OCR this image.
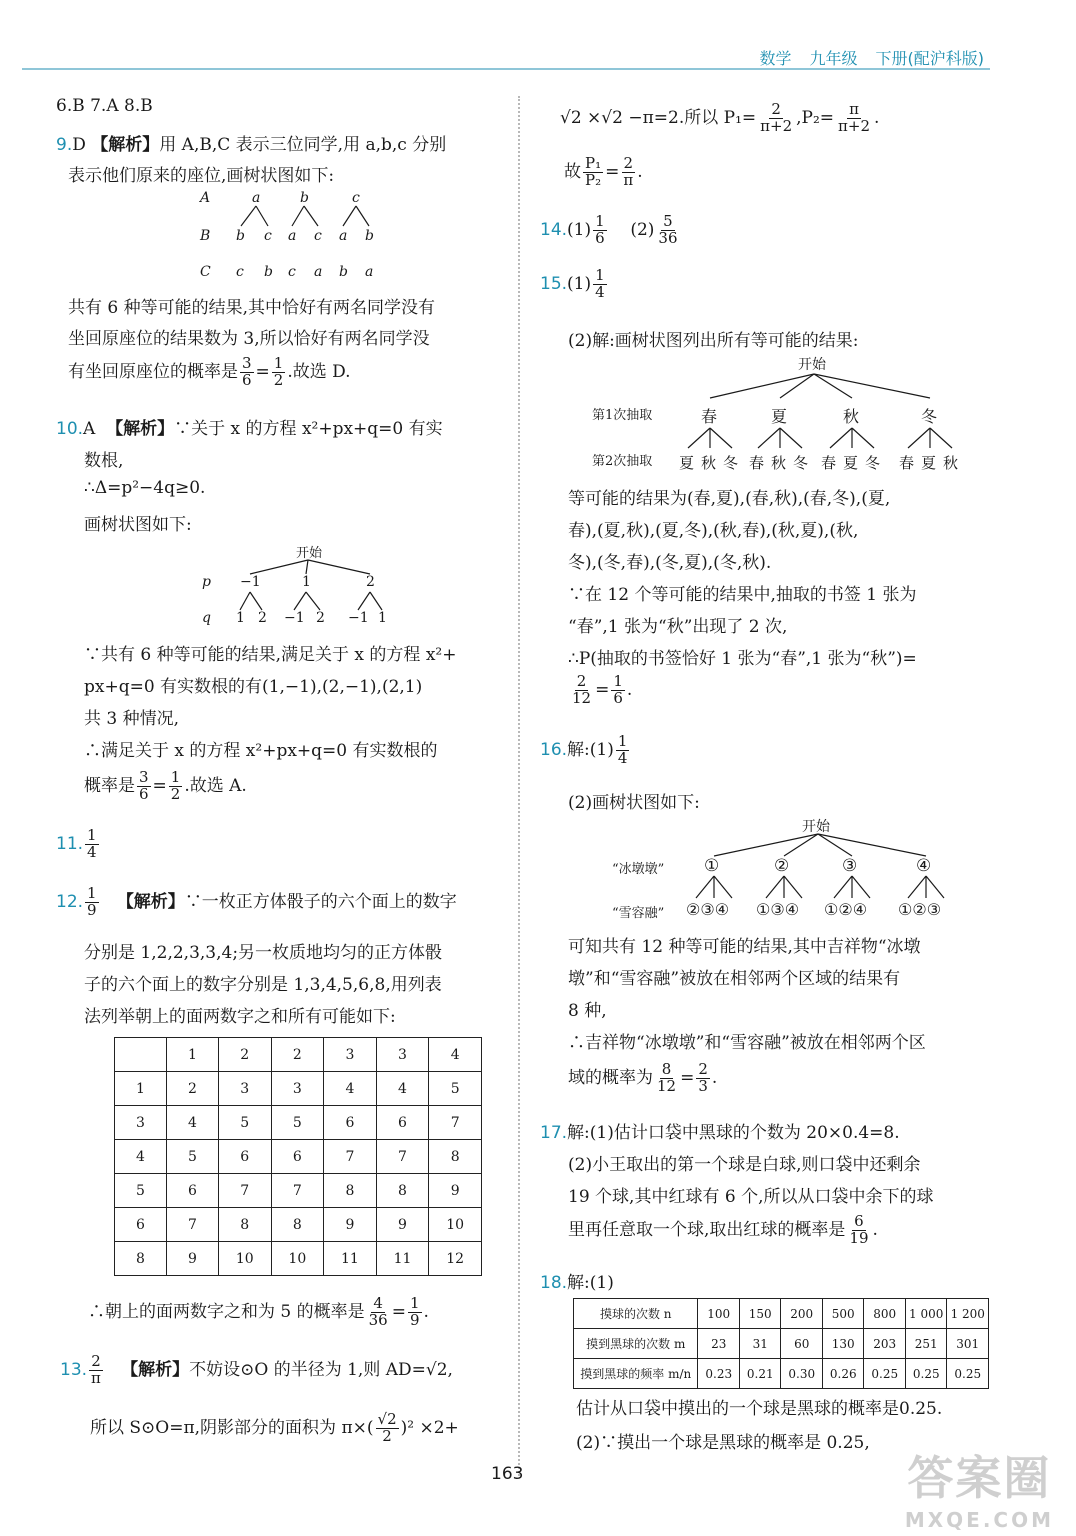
数学 九年级 下册(配沪科版)
6.B 7.A 8.B
9.D 【解析】用 A,B,C 表示三位同学,用 a,b,c 分别
表示他们原来的座位,画树状图如下:
A
B
C
a	b	c
b c a c a b
c b c a b a
共有 6 种等可能的结果,其中恰好有两名同学没有
坐回原座位的结果数为 3,所以恰好有两名同学没
有坐回原座位的概率是 $\frac{3}{6} = \frac{1}{2}$ .故选 D.
10.A 【解析】∵关于 x 的方程 x²+px+q=0 有实
数根,
∴Δ=p²−4q≥0.
画树状图如下:
开始
p
q
−1	1	2
1 2 −1 2 −1 1
∵共有 6 种等可能的结果,满足关于 x 的方程 x²+
px+q=0 有实数根的有(1,−1),(2,−1),(2,1)
共 3 种情况,
∴满足关于 x 的方程 x²+px+q=0 有实数根的
概率是 $\frac{3}{6} = \frac{1}{2}$ .故选 A.
11. $\frac{1}{4}$
12. $\frac{1}{9}$ 【解析】∵一枚正方体骰子的六个面上的数字
分别是 1,2,2,3,3,4;另一枚质地均匀的正方体骰
子的六个面上的数字分别是 1,3,4,5,6,8,用列表
法列举朝上的面两数字之和所有可能如下:
	1	2	2	3	3	4
1	2	3	3	4	4	5
3	4	5	5	6	6	7
4	5	6	6	7	7	8
5	6	7	7	8	8	9
6	7	8	8	9	9	10
8	9	10	10	11	11	12
∴朝上的面两数字之和为 5 的概率是 $\frac{4}{36} = \frac{1}{9}$ .
13. $\frac{2}{\pi}$ 【解析】不妨设⊙O 的半径为 1,则 AD=√2,
所以 S⊙O=π,阴影部分的面积为 $\pi\times( \frac{√2}{2} )^2 \times 2+$
√2 ×√2 −π=2.所以 $P_1= \frac{2}{\pi+2} ,P_2= \frac{\pi}{\pi+2}$ .
故 $\frac{\text{P₁}}{\text{P₂}} = \frac{2}{\pi}$ .
$14.(1) \frac{1}{6} (2) \frac{5}{36}$
$15.(1) \frac{1}{4}$
(2)解:画树状图列出所有等可能的结果:
开始
第1次抽取
第2次抽取
春	夏	秋	冬
夏 秋 冬 春 秋 冬 春 夏 冬 春 夏 秋
等可能的结果为(春,夏),(春,秋),(春,冬),(夏,
春),(夏,秋),(夏,冬),(秋,春),(秋,夏),(秋,
冬),(冬,春),(冬,夏),(冬,秋).
∵在 12 个等可能的结果中,抽取的书签 1 张为
“春”,1 张为“秋”出现了 2 次,
∴P(抽取的书签恰好 1 张为“春”,1 张为“秋”)=
$\frac{2}{12} = \frac{1}{6}$ .
16.解:(1) $\frac{1}{4}$
(2)画树状图如下:
开始
“冰墩墩”
“雪容融”
①	②	③	④
②③④ ①③④ ①②④ ①②③
可知共有 12 种等可能的结果,其中吉祥物“冰墩
墩”和“雪容融”被放在相邻两个区域的结果有
8 种,
∴吉祥物“冰墩墩”和“雪容融”被放在相邻两个区
域的概率为 $\frac{8}{12} = \frac{2}{3}$ .
17.解:(1)估计口袋中黑球的个数为 20×0.4=8.
(2)小王取出的第一个球是白球,则口袋中还剩余
19 个球,其中红球有 6 个,所以从口袋中余下的球
里再任意取一个球,取出红球的概率是 $\frac{6}{19}$ .
18.解:(1)
摸球的次数 n	100	150	200	500	800	1 000	1 200
摸到黑球的次数 m	23	31	60	130	203	251	301
摸到黑球的频率 m/n	0.23	0.21	0.30	0.26	0.25	0.25	0.25
估计从口袋中摸出的一个球是黑球的概率是0.25.
(2)∵摸出一个球是黑球的概率是 0.25,
163	答案圈
MXQE.COM
